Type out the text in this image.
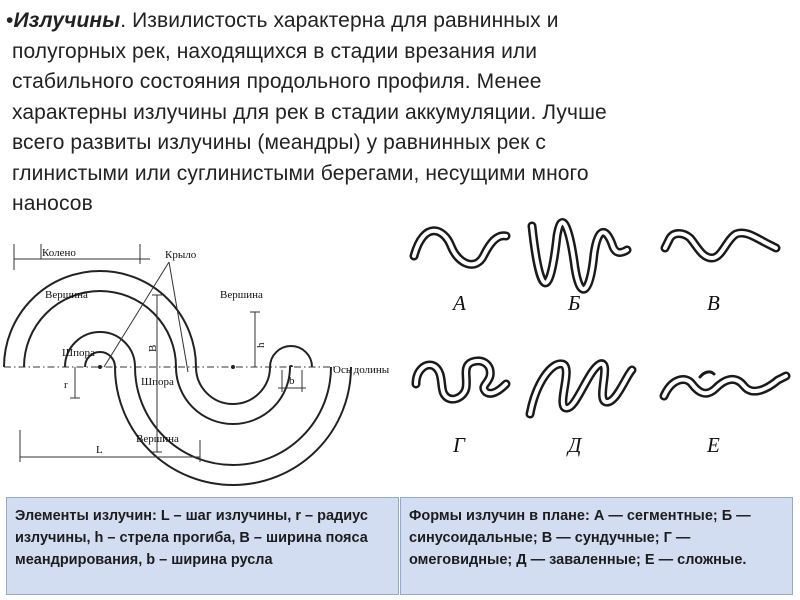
•Излучины. Извилистость характерна для равнинных и
полугорных рек, находящихся в стадии врезания или
стабильного состояния продольного профиля. Менее
характерны излучины для рек в стадии аккумуляции. Лучше
всего развиты излучины (меандры) у равнинных рек с
глинистыми или суглинистыми берегами, несущими много
наносов
Колено	Крыло
Вершина	Вершина
Вершина
Шпора
Шпора
Ось долины
B	h
r	b
L
А	Б	В
Г	Д	Е
Элементы излучин: L – шаг излучины, r – радиус излучины, h – стрела прогиба, B – ширина пояса меандрирования, b – ширина русла
Формы излучин в плане: А — сегментные; Б — синусоидальные; В — сундучные; Г — омеговидные; Д — заваленные; Е — сложные.
